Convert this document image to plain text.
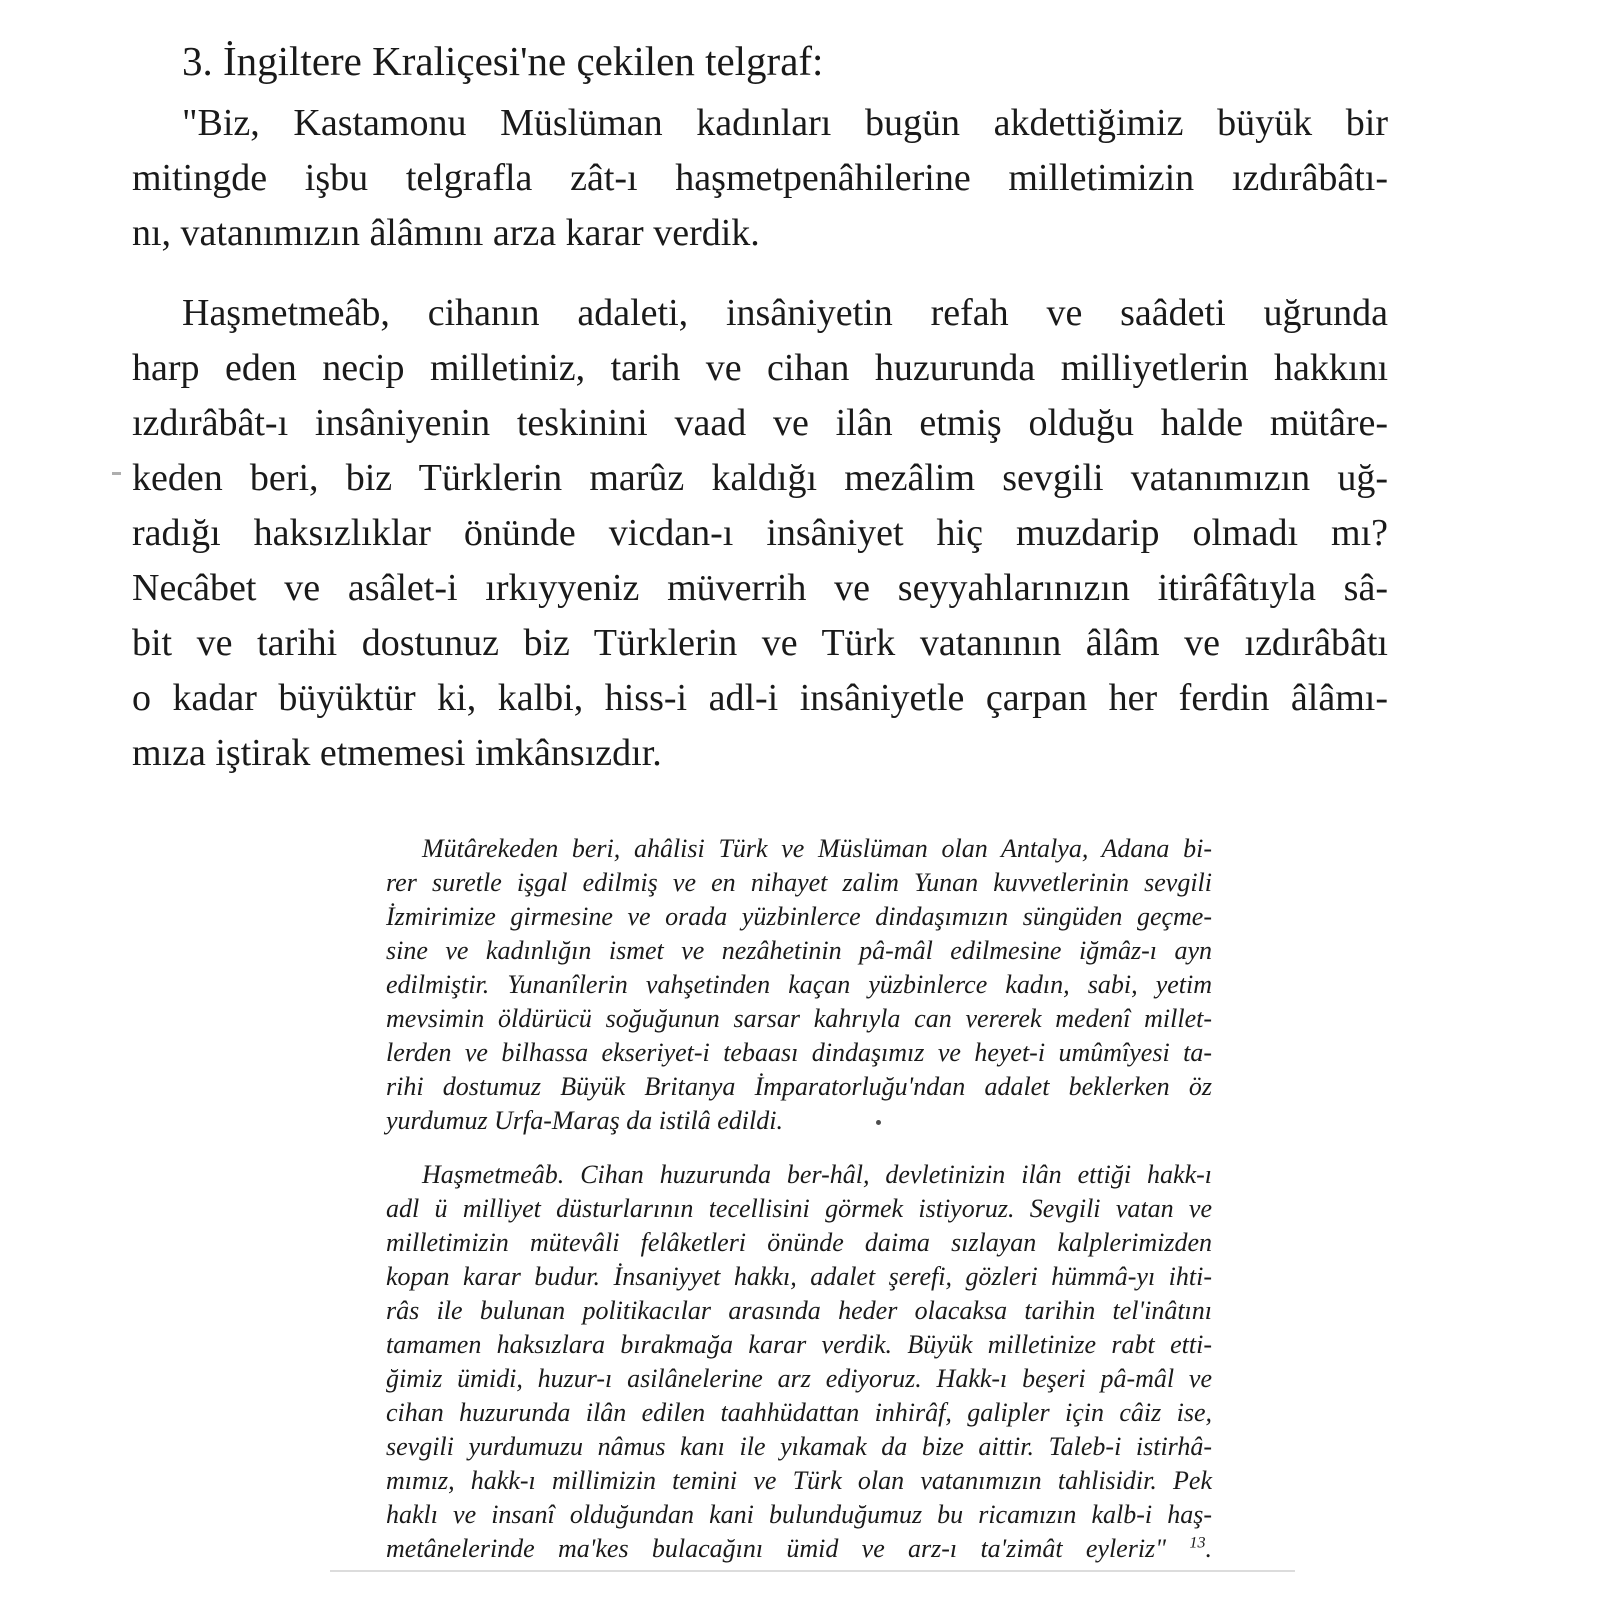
3. İngiltere Kraliçesi'ne çekilen telgraf:
"Biz, Kastamonu Müslüman kadınları bugün akdettiğimiz büyük bir
mitingde işbu telgrafla zât-ı haşmetpenâhilerine milletimizin ızdırâbâtı-
nı, vatanımızın âlâmını arza karar verdik.
Haşmetmeâb, cihanın adaleti, insâniyetin refah ve saâdeti uğrunda
harp eden necip milletiniz, tarih ve cihan huzurunda milliyetlerin hakkını
ızdırâbât-ı insâniyenin teskinini vaad ve ilân etmiş olduğu halde mütâre-
keden beri, biz Türklerin marûz kaldığı mezâlim sevgili vatanımızın uğ-
radığı haksızlıklar önünde vicdan-ı insâniyet hiç muzdarip olmadı mı?
Necâbet ve asâlet-i ırkıyyeniz müverrih ve seyyahlarınızın itirâfâtıyla sâ-
bit ve tarihi dostunuz biz Türklerin ve Türk vatanının âlâm ve ızdırâbâtı
o kadar büyüktür ki, kalbi, hiss-i adl-i insâniyetle çarpan her ferdin âlâmı-
mıza iştirak etmemesi imkânsızdır.
Mütârekeden beri, ahâlisi Türk ve Müslüman olan Antalya, Adana bi-
rer suretle işgal edilmiş ve en nihayet zalim Yunan kuvvetlerinin sevgili
İzmirimize girmesine ve orada yüzbinlerce dindaşımızın süngüden geçme-
sine ve kadınlığın ismet ve nezâhetinin pâ-mâl edilmesine iğmâz-ı ayn
edilmiştir. Yunanîlerin vahşetinden kaçan yüzbinlerce kadın, sabi, yetim
mevsimin öldürücü soğuğunun sarsar kahrıyla can vererek medenî millet-
lerden ve bilhassa ekseriyet-i tebaası dindaşımız ve heyet-i umûmîyesi ta-
rihi dostumuz Büyük Britanya İmparatorluğu'ndan adalet beklerken öz
yurdumuz Urfa-Maraş da istilâ edildi.
Haşmetmeâb. Cihan huzurunda ber-hâl, devletinizin ilân ettiği hakk-ı
adl ü milliyet düsturlarının tecellisini görmek istiyoruz. Sevgili vatan ve
milletimizin mütevâli felâketleri önünde daima sızlayan kalplerimizden
kopan karar budur. İnsaniyyet hakkı, adalet şerefi, gözleri hümmâ-yı ihti-
râs ile bulunan politikacılar arasında heder olacaksa tarihin tel'inâtını
tamamen haksızlara bırakmağa karar verdik. Büyük milletinize rabt etti-
ğimiz ümidi, huzur-ı asilânelerine arz ediyoruz. Hakk-ı beşeri pâ-mâl ve
cihan huzurunda ilân edilen taahhüdattan inhirâf, galipler için câiz ise,
sevgili yurdumuzu nâmus kanı ile yıkamak da bize aittir. Taleb-i istirhâ-
mımız, hakk-ı millimizin temini ve Türk olan vatanımızın tahlisidir. Pek
haklı ve insanî olduğundan kani bulunduğumuz bu ricamızın kalb-i haş-
metânelerinde ma'kes bulacağını ümid ve arz-ı ta'zimât eyleriz" $^{13}$.
